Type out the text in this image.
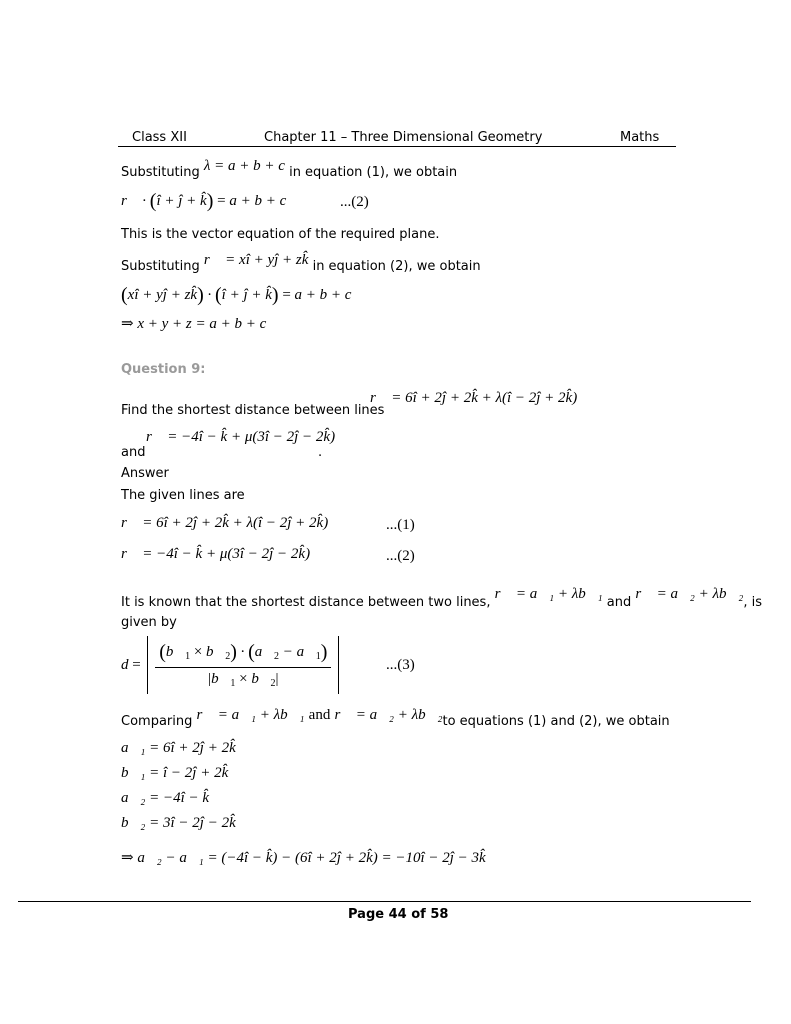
Class XII	Chapter 11 – Three Dimensional Geometry	Maths
Substituting λ = a + b + c in equation (1), we obtain
r⃗ · (î + ĵ + k̂) = a + b + c	...(2)
This is the vector equation of the required plane.
Substituting r⃗ = xî + yĵ + zk̂ in equation (2), we obtain
(xî + yĵ + zk̂) · (î + ĵ + k̂) = a + b + c
⇒ x + y + z = a + b + c
Question 9:
r⃗ = 6î + 2ĵ + 2k̂ + λ(î − 2ĵ + 2k̂)
Find the shortest distance between lines
r⃗ = −4î − k̂ + μ(3î − 2ĵ − 2k̂)
and	.
Answer
The given lines are
r⃗ = 6î + 2ĵ + 2k̂ + λ(î − 2ĵ + 2k̂)	...(1)
r⃗ = −4î − k̂ + μ(3î − 2ĵ − 2k̂)	...(2)
It is known that the shortest distance between two lines, r⃗ = a⃗₁ + λb⃗₁ and r⃗ = a⃗₂ + λb⃗₂, is
given by
$d = \frac{(b⃗_1 \times b⃗_2) \cdot (a⃗_2 - a⃗_1)}{|b⃗_1 \times b⃗_2|}$
	...(3)
Comparing r⃗ = a⃗₁ + λb⃗₁ and r⃗ = a⃗₂ + λb⃗₂to equations (1) and (2), we obtain
a⃗₁ = 6î + 2ĵ + 2k̂
b⃗₁ = î − 2ĵ + 2k̂
a⃗₂ = −4î − k̂
b⃗₂ = 3î − 2ĵ − 2k̂
⇒ a⃗₂ − a⃗₁ = (−4î − k̂) − (6î + 2ĵ + 2k̂) = −10î − 2ĵ − 3k̂
Page 44 of 58
